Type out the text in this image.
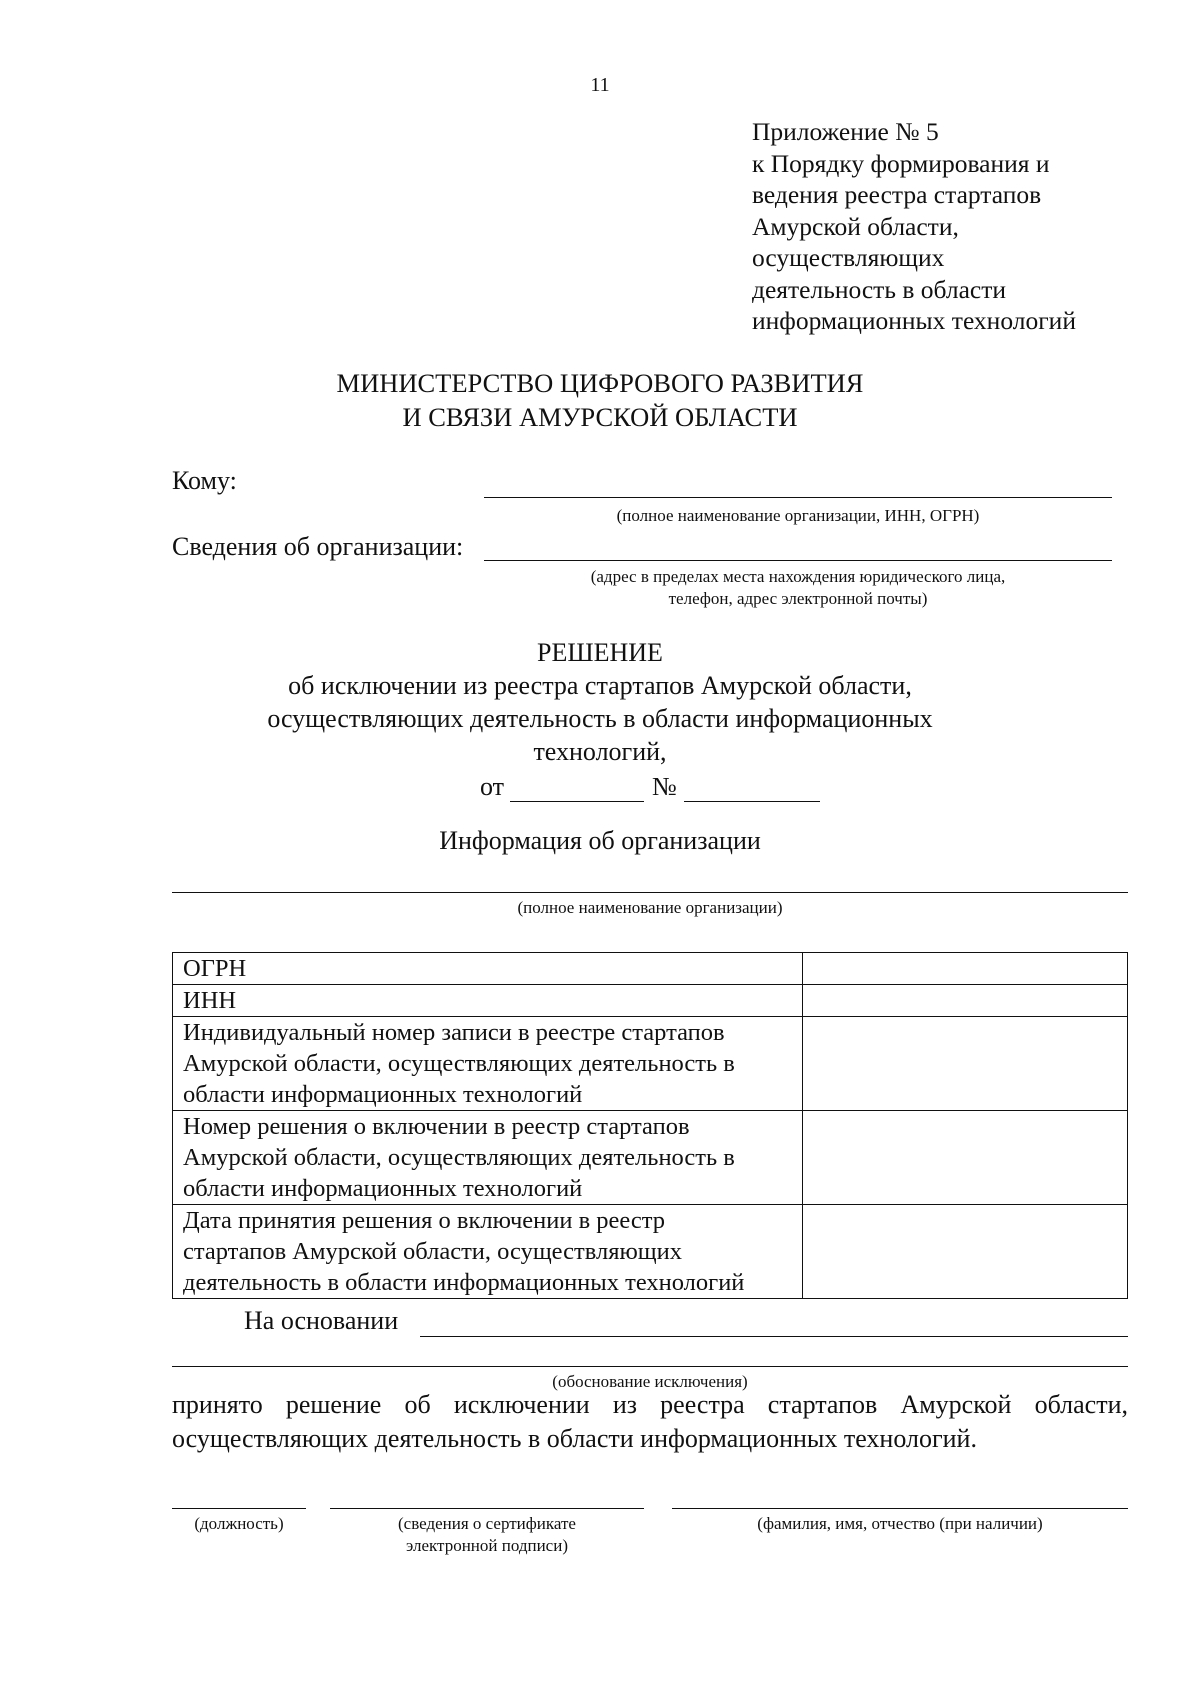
11
Приложение № 5
к Порядку формирования и
ведения реестра стартапов
Амурской области,
осуществляющих
деятельность в области
информационных технологий
МИНИСТЕРСТВО ЦИФРОВОГО РАЗВИТИЯ
И СВЯЗИ АМУРСКОЙ ОБЛАСТИ
Кому:
(полное наименование организации, ИНН, ОГРН)
Сведения об организации:
(адрес в пределах места нахождения юридического лица,
телефон, адрес электронной почты)
РЕШЕНИЕ
об исключении из реестра стартапов Амурской области,
осуществляющих деятельность в области информационных
технологий,
от	№
Информация об организации
(полное наименование организации)
ОГРН	

ИНН	

Индивидуальный номер записи в реестре стартапов
Амурской области, осуществляющих деятельность в
области информационных технологий	

Номер решения о включении в реестр стартапов
Амурской области, осуществляющих деятельность в
области информационных технологий	

Дата принятия решения о включении в реестр
стартапов Амурской области, осуществляющих
деятельность в области информационных технологий	

На основании
(обоснование исключения)
принято решение об исключении из реестра стартапов Амурской области,
осуществляющих деятельность в области информационных технологий.
(должность)	(сведения о сертификате
электронной подписи)
(фамилия, имя, отчество (при наличии)
